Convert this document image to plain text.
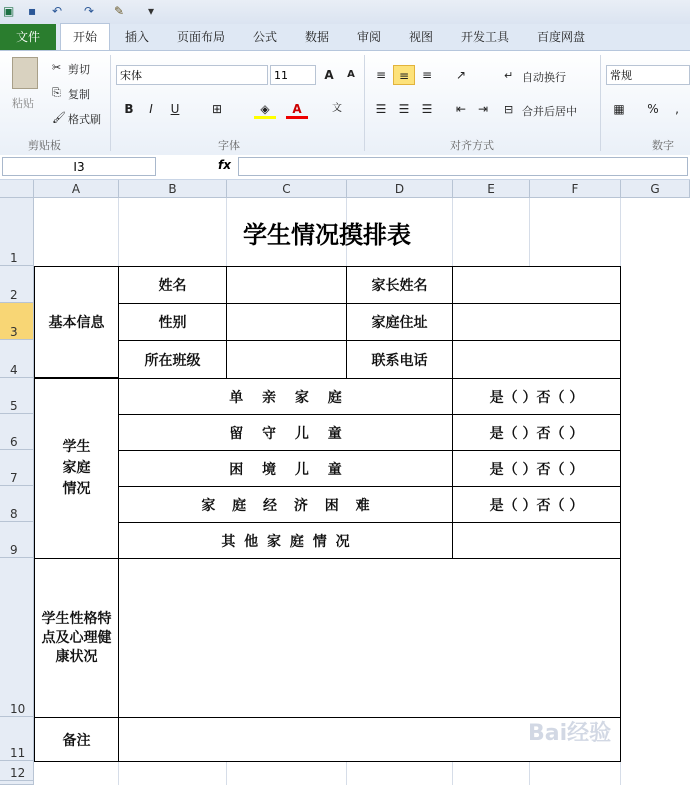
▣ ▪ ↶ ↷ ✎ ▾
文件	开始	插入	页面布局	公式	数据	审阅	视图	开发工具	百度网盘
粘贴
✂ 剪切
⎘ 复制
🖌 格式刷
剪贴板
宋体	11	A	A
B	I	U	⊞	◈	A	文
字体
≡	≡	≡	↗
☰	☰	☰	⇤ ⇥
↵ 自动换行
⊟ 合并后居中
对齐方式
常规
▦	%	,
数字
I3	fx
A	B	C	D	E	F	G
1
2
3
4
5
6
7
8
9
10
11
12
学生情况摸排表
基本信息
姓名	家长姓名
性别	家庭住址
所在班级	联系电话
学生家庭情况
单 亲 家 庭	是（ ）否（ ）
留 守 儿 童	是（ ）否（ ）
困 境 儿 童	是（ ）否（ ）
家 庭 经 济 困 难	是（ ）否（ ）
其 他 家 庭 情 况
学生性格特点及心理健康状况
备注	Bai经验
